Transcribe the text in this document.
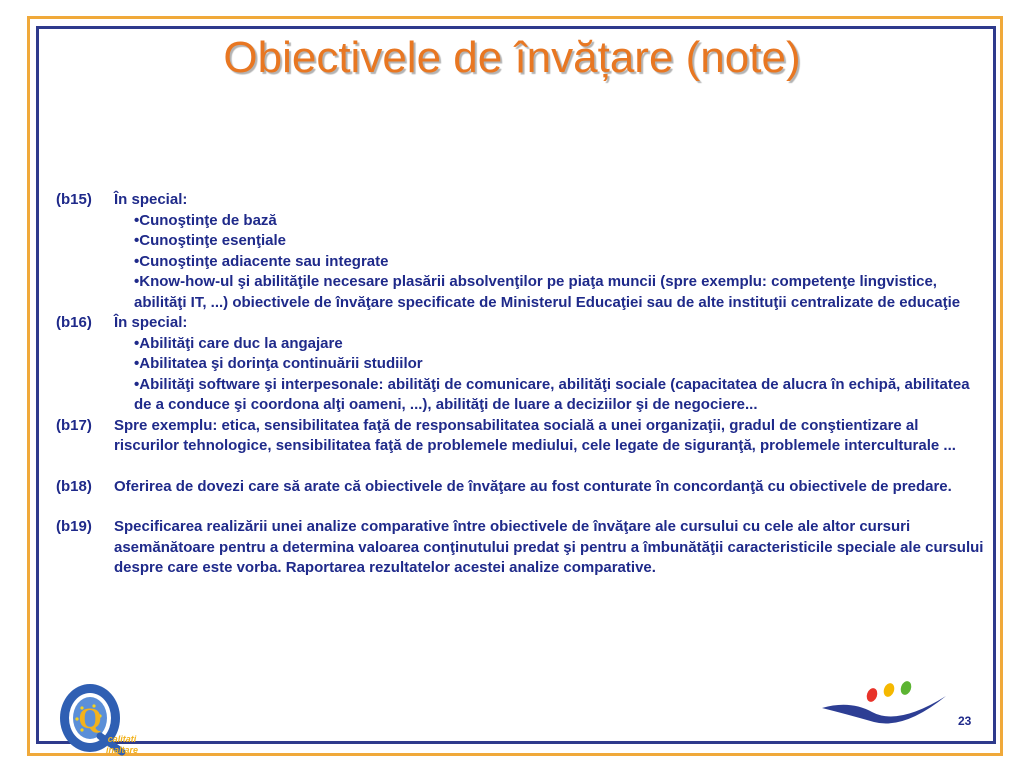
Obiectivele de învățare (note)
(b15)	În special:
• Cunoştinţe de bază
• Cunoştinţe esenţiale
• Cunoştinţe adiacente sau integrate
• Know-how-ul şi abilităţile necesare plasării absolvenţilor pe piaţa muncii (spre exemplu: competenţe lingvistice, abilităţi IT, ...) obiectivele de învăţare specificate de Ministerul Educaţiei sau de alte instituţii centralizate de educaţie
(b16)	În special:
• Abilităţi care duc la angajare
• Abilitatea şi dorinţa continuării studiilor
• Abilităţi software şi interpesonale: abilităţi de comunicare, abilităţi sociale (capacitatea de alucra în echipă, abilitatea de a conduce şi coordona alţi oameni, ...), abilităţi de luare a deciziilor şi de negociere...
(b17)	Spre exemplu: etica, sensibilitatea faţă de responsabilitatea socială a unei organizaţii, gradul de conştientizare al riscurilor tehnologice, sensibilitatea faţă de problemele mediului, cele legate de siguranţă, problemele interculturale ...
(b18)	Oferirea de dovezi care să arate că obiectivele de învăţare au fost conturate în concordanţă cu obiectivele de predare.
(b19)	Specificarea realizării unei analize comparative între obiectivele de învăţare ale cursului cu cele ale altor cursuri asemănătoare pentru a determina valoarea conţinutului predat şi pentru a îmbunătăţii caracteristicile speciale ale cursului despre care este vorba. Raportarea rezultatelor acestei analize comparative.
Q
calitati
inaltare
23
